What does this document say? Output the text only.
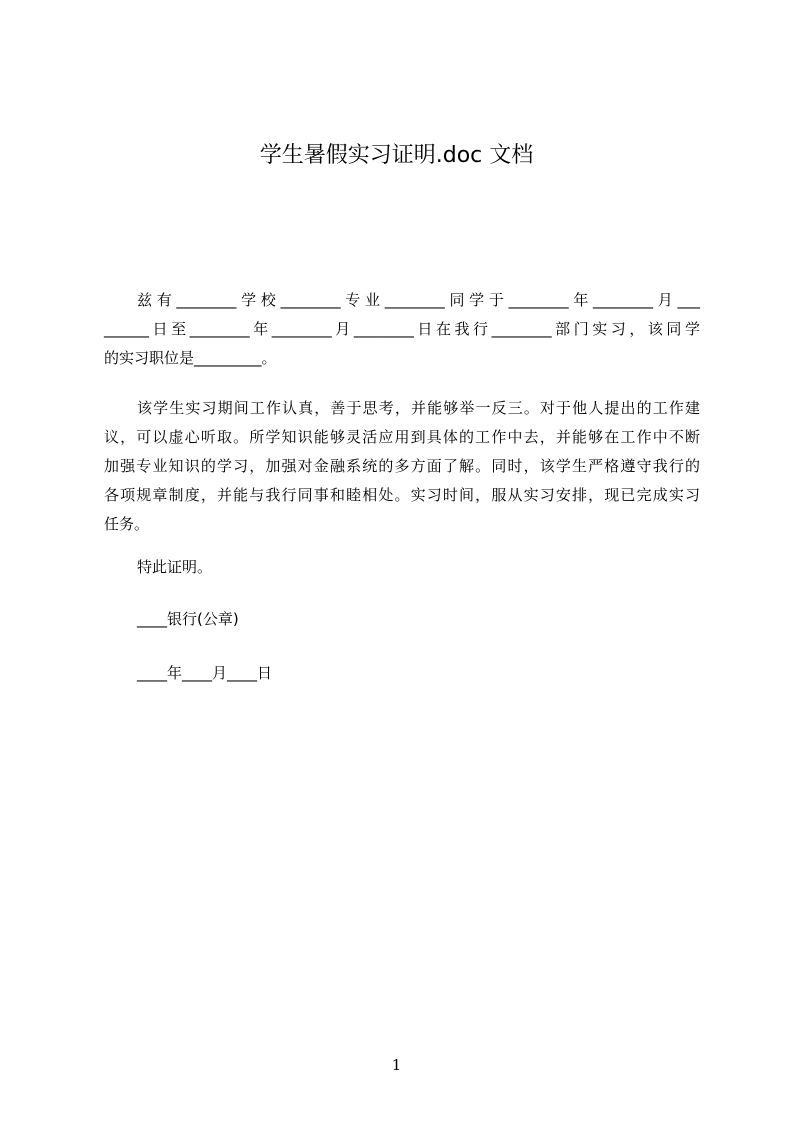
学生暑假实习证明.doc 文档
兹有________学校________专业________同学于________年________月___
______日至________年________月________日在我行________部门实习，该同学
的实习职位是_________。
该学生实习期间工作认真，善于思考，并能够举一反三。对于他人提出的工作建
议，可以虚心听取。所学知识能够灵活应用到具体的工作中去，并能够在工作中不断
加强专业知识的学习，加强对金融系统的多方面了解。同时，该学生严格遵守我行的
各项规章制度，并能与我行同事和睦相处。实习时间，服从实习安排，现已完成实习
任务。
特此证明。
____银行(公章)
____年____月____日
1
